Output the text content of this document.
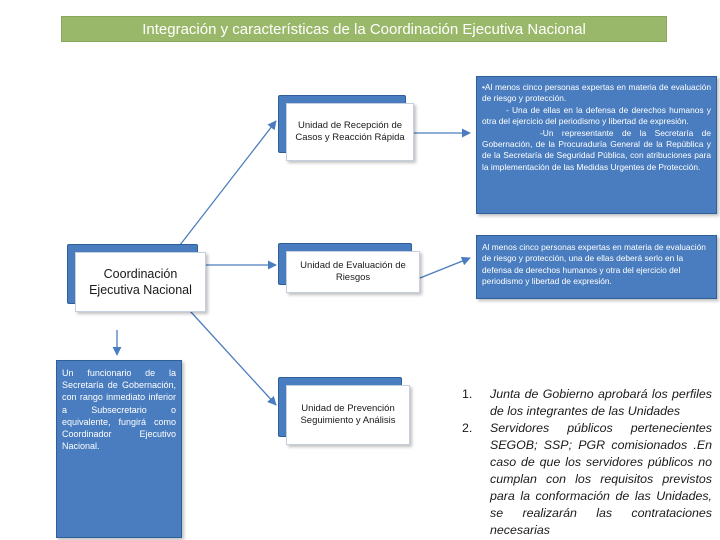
Integración y características de la Coordinación Ejecutiva Nacional
Coordinación Ejecutiva Nacional
Unidad de Recepción de Casos y Reacción Rápida
Unidad de Evaluación de Riesgos
Unidad de Prevención Seguimiento y Análisis
Un funcionario de la Secretaría de Gobernación, con rango inmediato inferior a Subsecretario o equivalente, fungirá como Coordinador Ejecutivo Nacional.
•Al menos cinco personas expertas en materia de evaluación de riesgo y protección.
- Una de ellas en la defensa de derechos humanos y otra del ejercicio del periodismo y libertad de expresión.
-Un representante de la Secretaría de Gobernación, de la Procuraduría General de la República y de la Secretaría de Seguridad Pública, con atribuciones para la implementación de las Medidas Urgentes de Protección.
Al menos cinco personas expertas en materia de evaluación de riesgo y protección, una de ellas deberá serlo en la defensa de derechos humanos y otra del ejercicio del periodismo y libertad de expresión.
1.	Junta de Gobierno aprobará los perfiles de los integrantes de las Unidades
2.	Servidores públicos pertenecientes SEGOB; SSP; PGR comisionados .En caso de que los servidores públicos no cumplan con los requisitos previstos para la conformación de las Unidades, se realizarán las contrataciones necesarias
